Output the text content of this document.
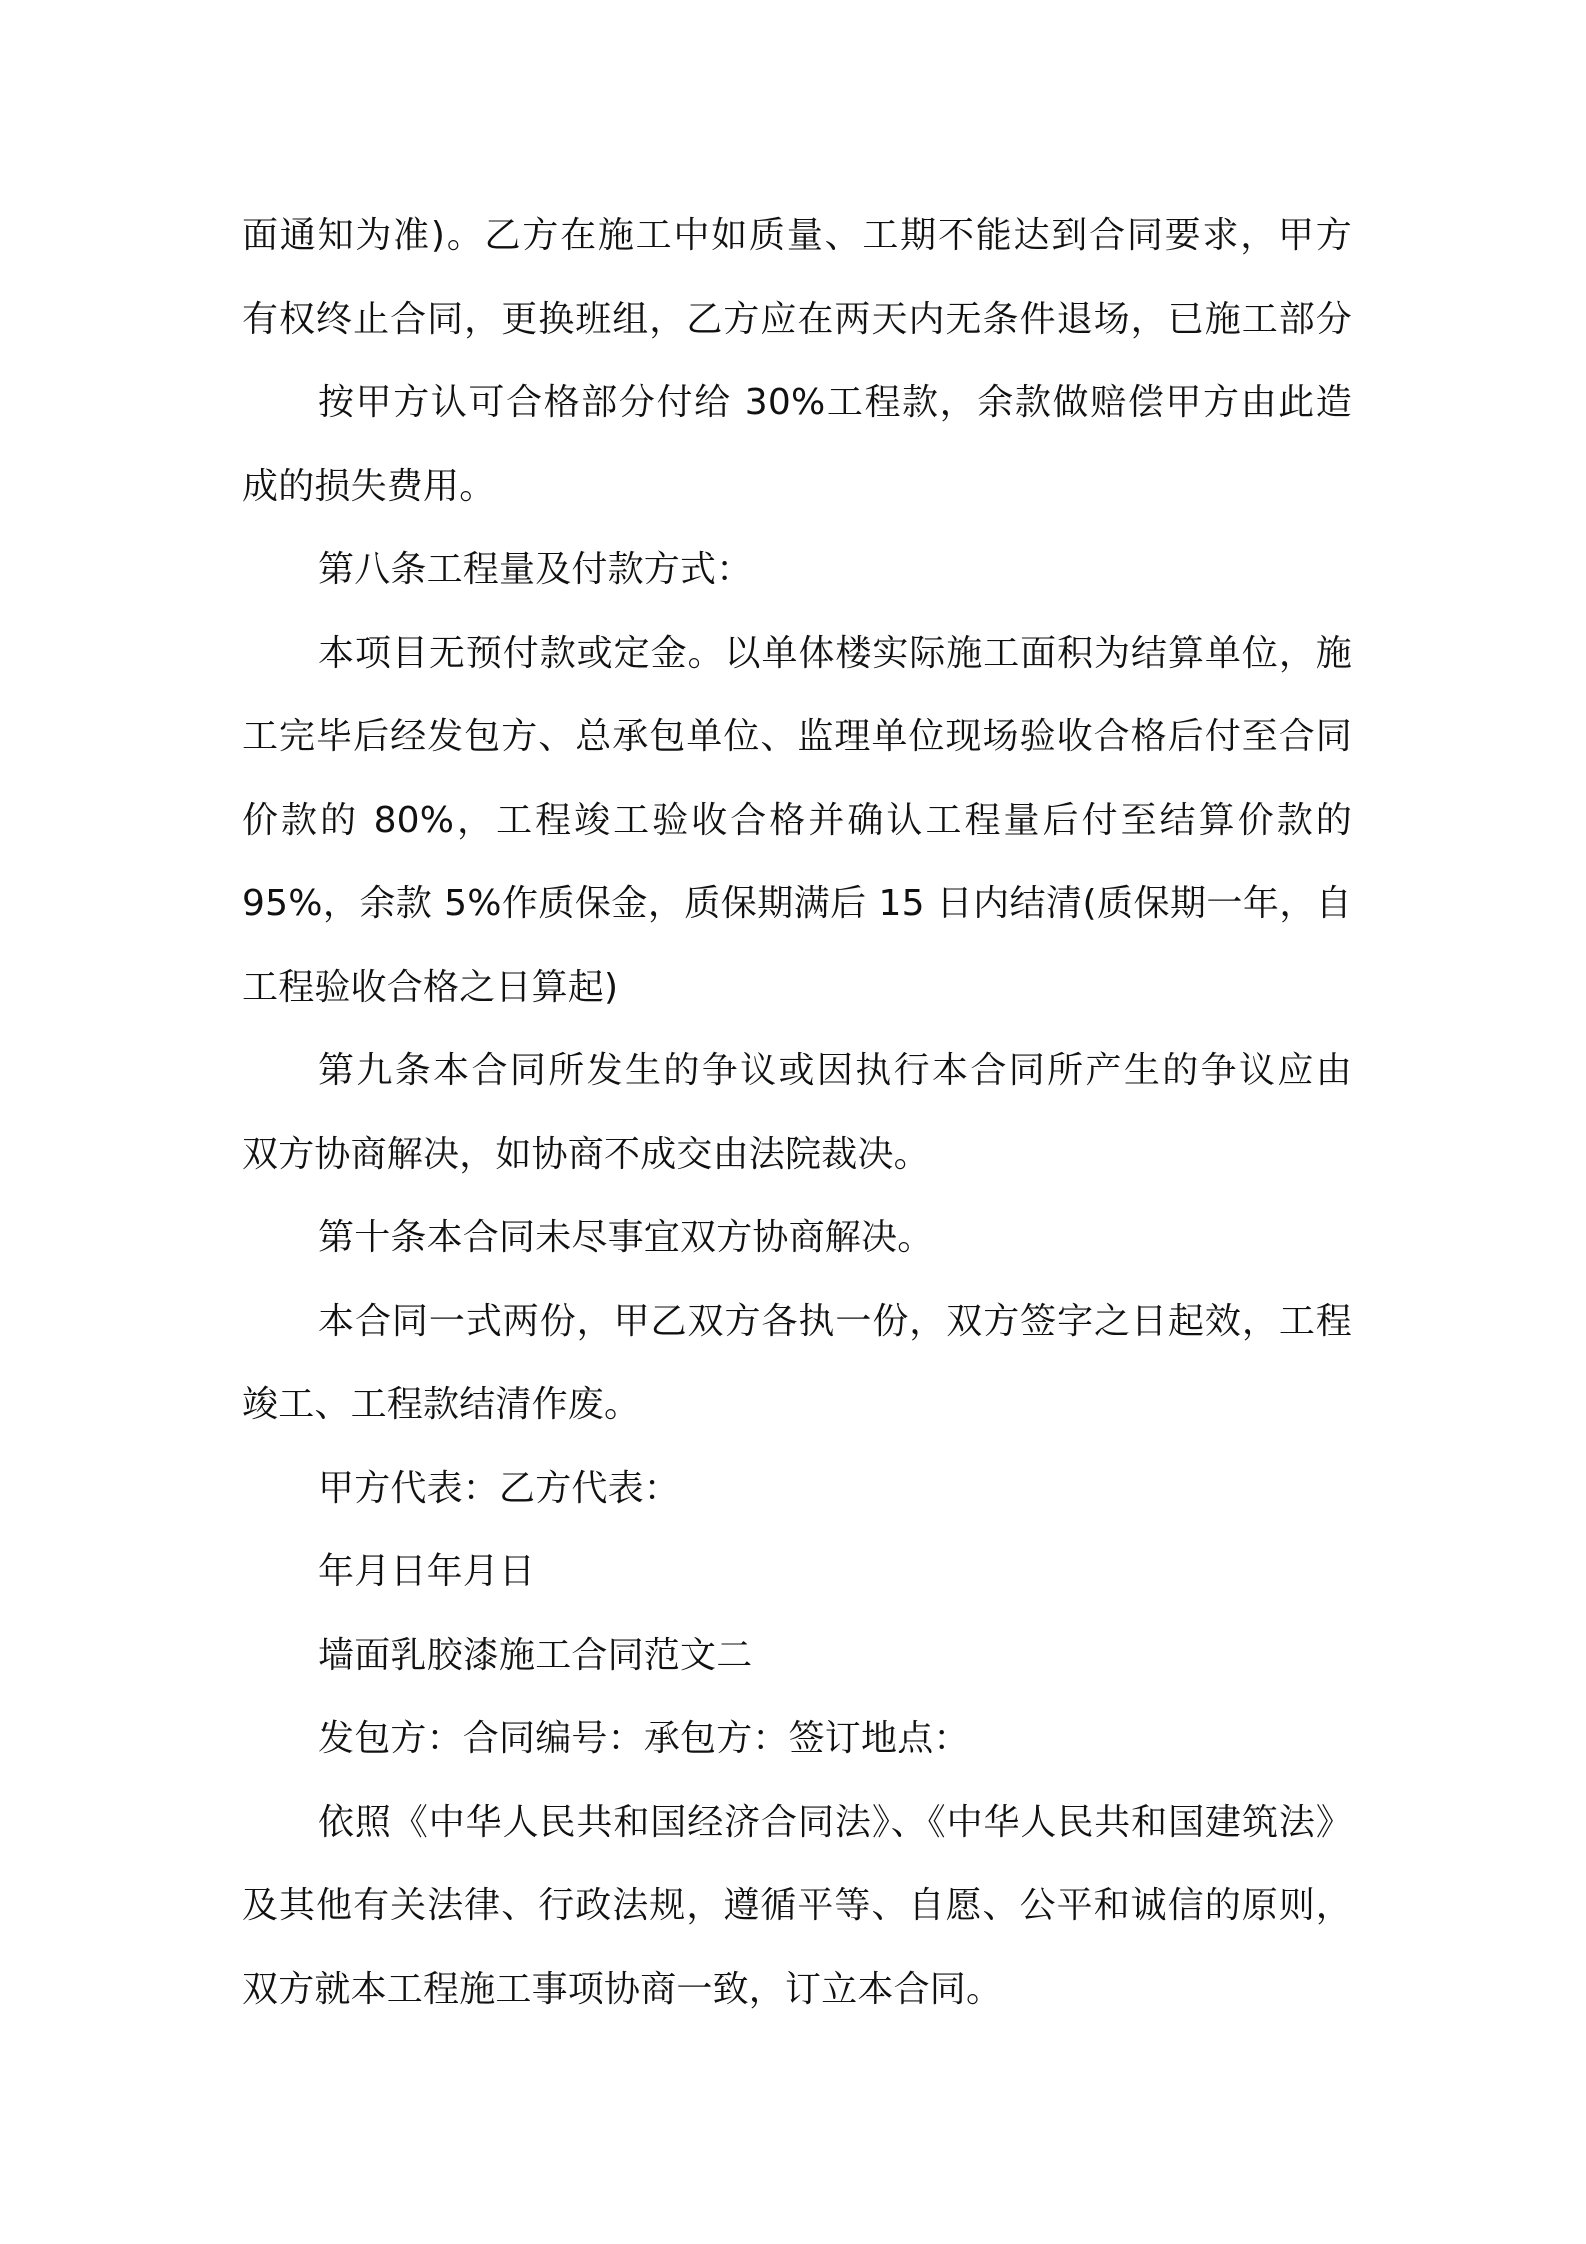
面通知为准)。乙方在施工中如质量、工期不能达到合同要求，甲方

有权终止合同，更换班组，乙方应在两天内无条件退场，已施工部分

按甲方认可合格部分付给 30%工程款，余款做赔偿甲方由此造

成的损失费用。

第八条工程量及付款方式：

本项目无预付款或定金。以单体楼实际施工面积为结算单位，施

工完毕后经发包方、总承包单位、监理单位现场验收合格后付至合同

价款的 80%，工程竣工验收合格并确认工程量后付至结算价款的

95%，余款 5%作质保金，质保期满后 15 日内结清(质保期一年，自

工程验收合格之日算起)

第九条本合同所发生的争议或因执行本合同所产生的争议应由

双方协商解决，如协商不成交由法院裁决。

第十条本合同未尽事宜双方协商解决。

本合同一式两份，甲乙双方各执一份，双方签字之日起效，工程

竣工、工程款结清作废。

甲方代表：乙方代表：

年月日年月日

墙面乳胶漆施工合同范文二

发包方：合同编号：承包方：签订地点：

依照《中华人民共和国经济合同法》、《中华人民共和国建筑法》

及其他有关法律、行政法规，遵循平等、自愿、公平和诚信的原则，

双方就本工程施工事项协商一致，订立本合同。
